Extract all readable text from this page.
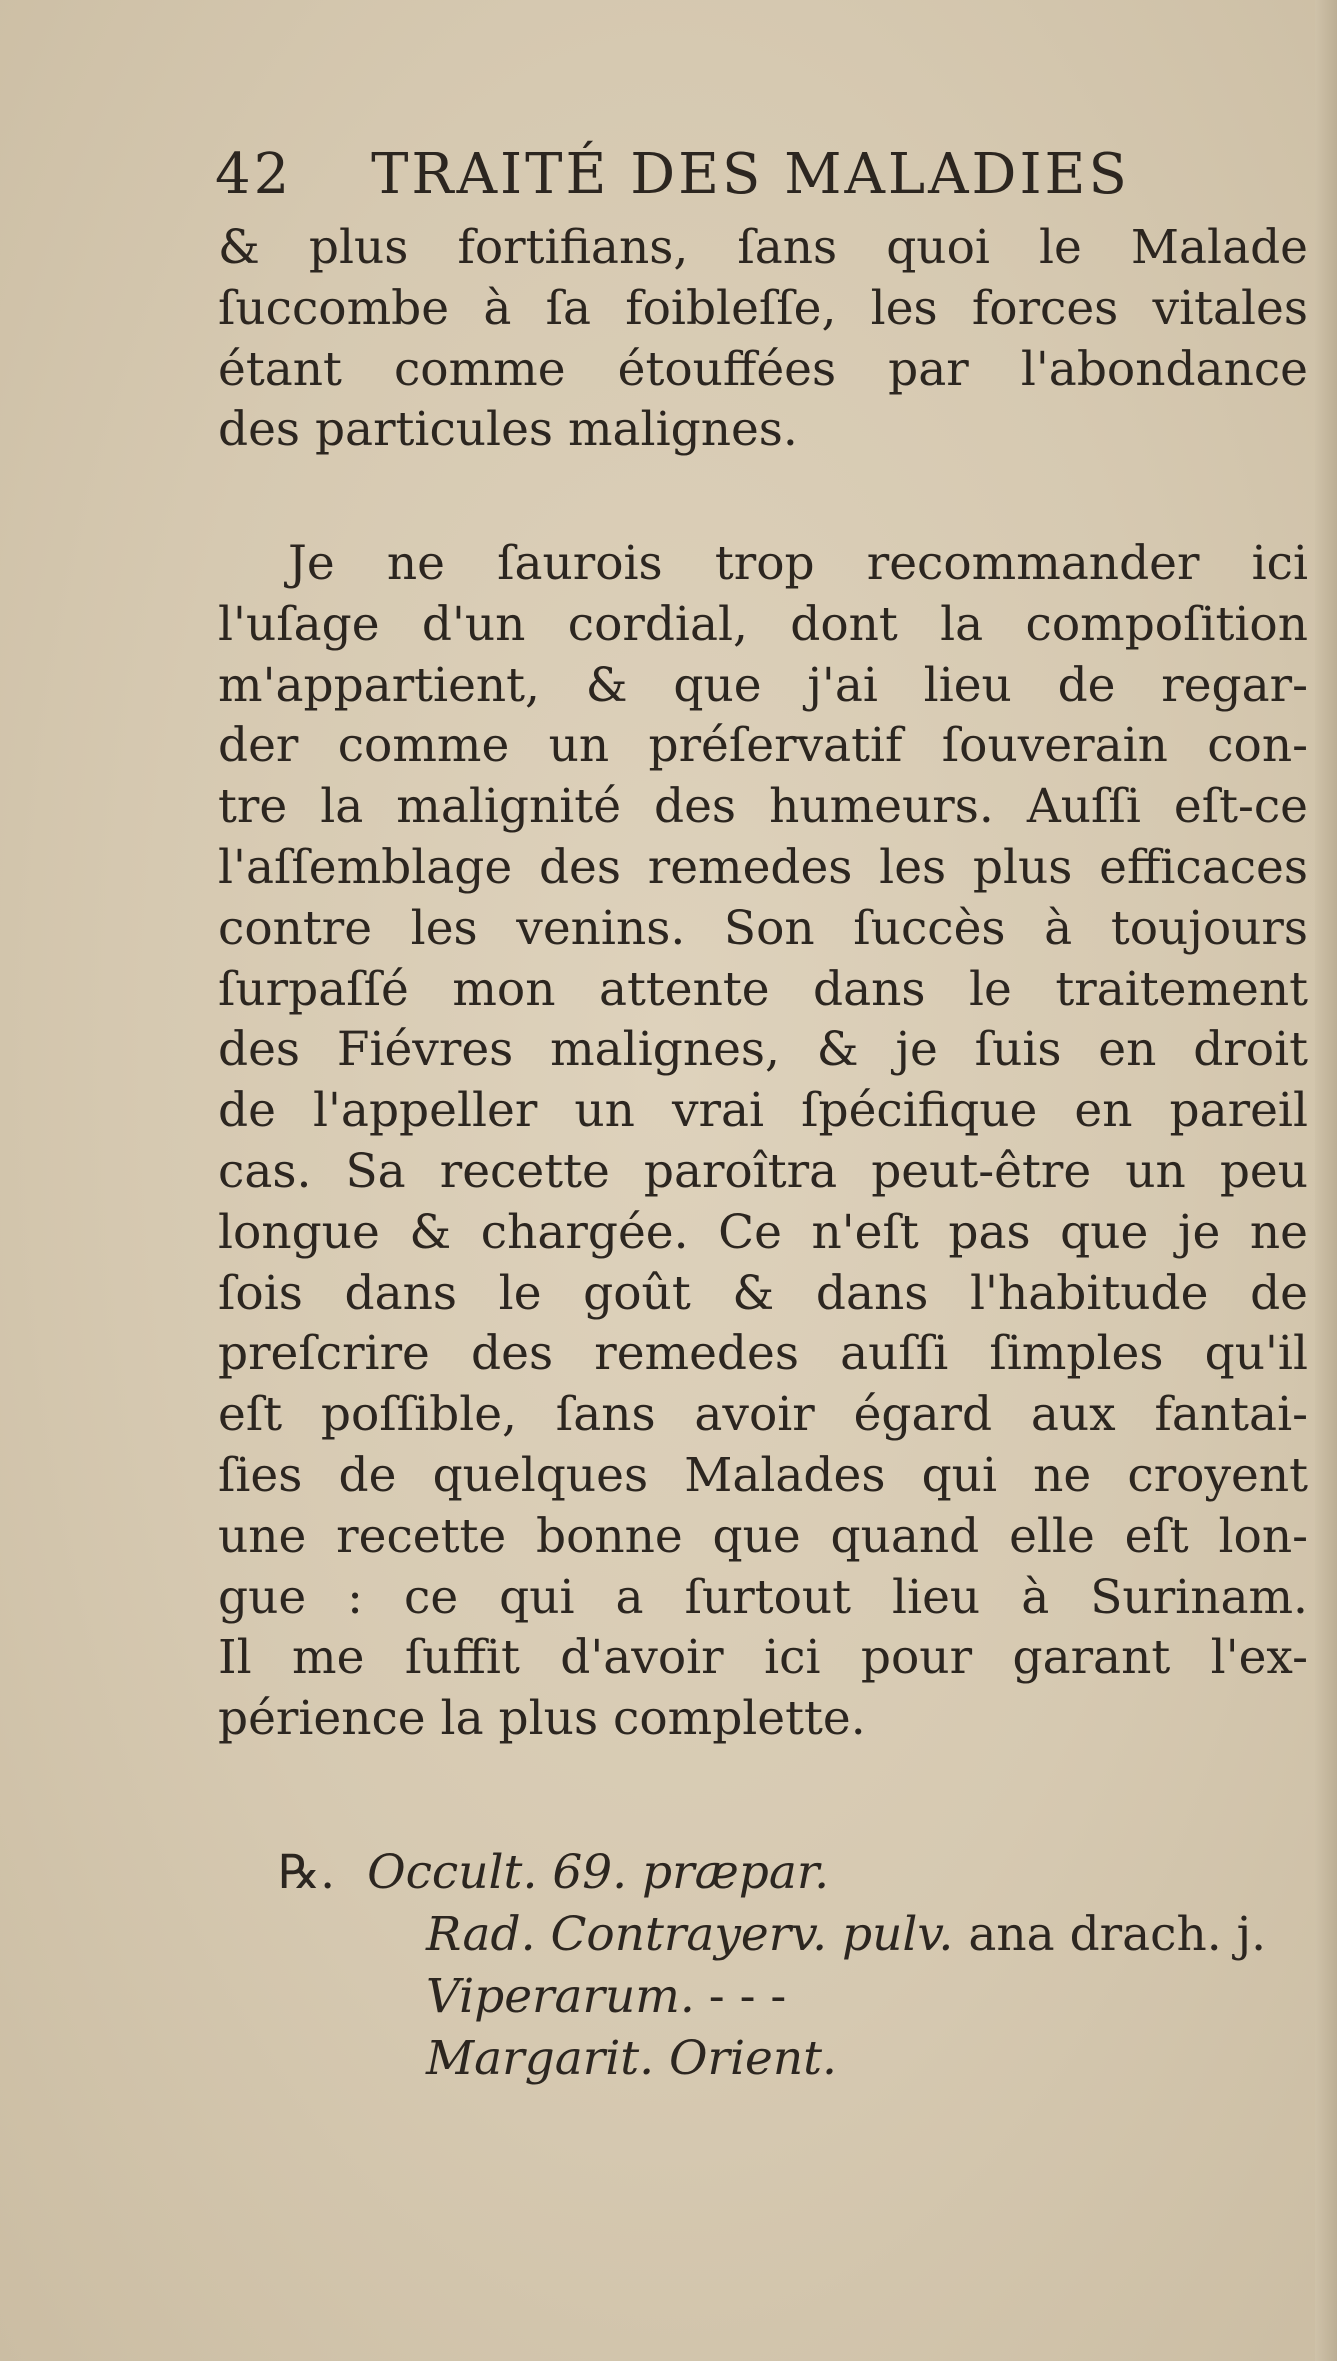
42 TRAITÉ DES MALADIES
& plus fortifians, ſans quoi le Malade
ſuccombe à ſa foibleſſe, les forces vitales
étant comme étouffées par l'abondance
des particules malignes.
Je ne ſaurois trop recommander ici
l'uſage d'un cordial, dont la compoſition
m'appartient, & que j'ai lieu de regar-
der comme un préſervatif ſouverain con-
tre la malignité des humeurs. Auſſi eſt-ce
l'aſſemblage des remedes les plus efficaces
contre les venins. Son ſuccès à toujours
ſurpaſſé mon attente dans le traitement
des Fiévres malignes, & je ſuis en droit
de l'appeller un vrai ſpécifique en pareil
cas. Sa recette paroîtra peut-être un peu
longue & chargée. Ce n'eſt pas que je ne
ſois dans le goût & dans l'habitude de
preſcrire des remedes auſſi ſimples qu'il
eſt poſſible, ſans avoir égard aux fantai-
ſies de quelques Malades qui ne croyent
une recette bonne que quand elle eſt lon-
gue : ce qui a ſurtout lieu à Surinam.
Il me ſuffit d'avoir ici pour garant l'ex-
périence la plus complette.
℞. Occult. 69. præpar.
Rad. Contrayerv. pulv. ana drach. j.
Viperarum. - - -
Margarit. Orient.
